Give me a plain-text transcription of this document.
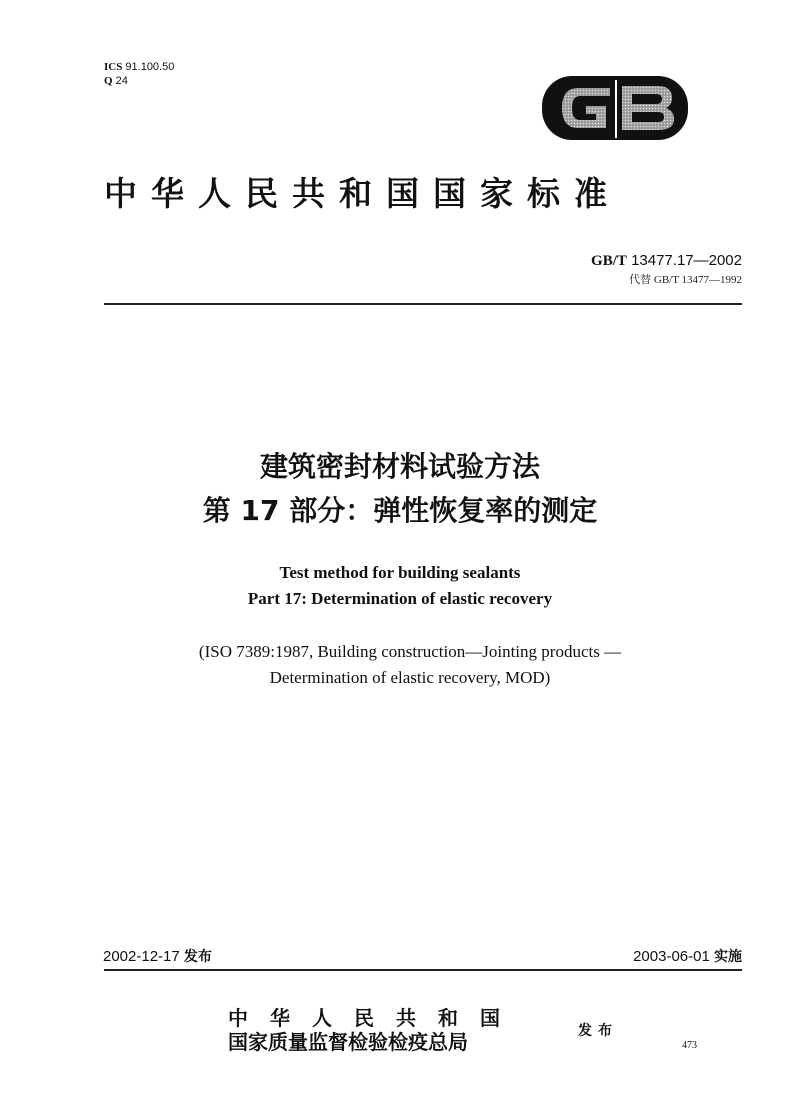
ICS 91.100.50
Q 24
中华人民共和国国家标准
GB/T 13477.17—2002
代替 GB/T 13477—1992
建筑密封材料试验方法
第 17 部分：弹性恢复率的测定
Test method for building sealants
Part 17: Determination of elastic recovery
(ISO 7389:1987, Building construction—Jointing products —
Determination of elastic recovery, MOD)
2002-12-17 发布	2003-06-01 实施
中华人民共和国
国家质量监督检验检疫总局	发布
473
